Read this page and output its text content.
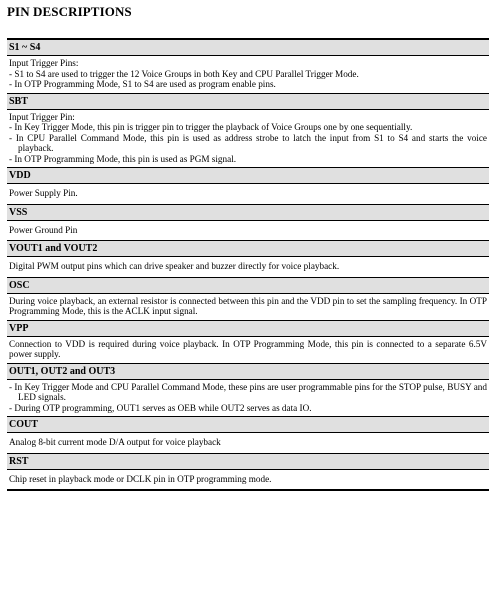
PIN DESCRIPTIONS
S1 ~ S4
Input Trigger Pins:
- S1 to S4 are used to trigger the 12 Voice Groups in both Key and CPU Parallel Trigger Mode.
- In OTP Programming Mode, S1 to S4 are used as program enable pins.
SBT
Input Trigger Pin:
- In Key Trigger Mode, this pin is trigger pin to trigger the playback of Voice Groups one by one sequentially.
- In CPU Parallel Command Mode, this pin is used as address strobe to latch the input from S1 to S4 and starts the voice playback.
- In OTP Programming Mode, this pin is used as PGM signal.
VDD
Power Supply Pin.
VSS
Power Ground Pin
VOUT1 and VOUT2
Digital PWM output pins which can drive speaker and buzzer directly for voice playback.
OSC
During voice playback, an external resistor is connected between this pin and the VDD pin to set the sampling frequency. In OTP Programming Mode, this is the ACLK input signal.
VPP
Connection to VDD is required during voice playback. In OTP Programming Mode, this pin is connected to a separate 6.5V power supply.
OUT1, OUT2 and OUT3
- In Key Trigger Mode and CPU Parallel Command Mode, these pins are user programmable pins for the STOP pulse, BUSY and LED signals.
- During OTP programming, OUT1 serves as OEB while OUT2 serves as data IO.
COUT
Analog 8-bit current mode D/A output for voice playback
RST
Chip reset in playback mode or DCLK pin in OTP programming mode.
